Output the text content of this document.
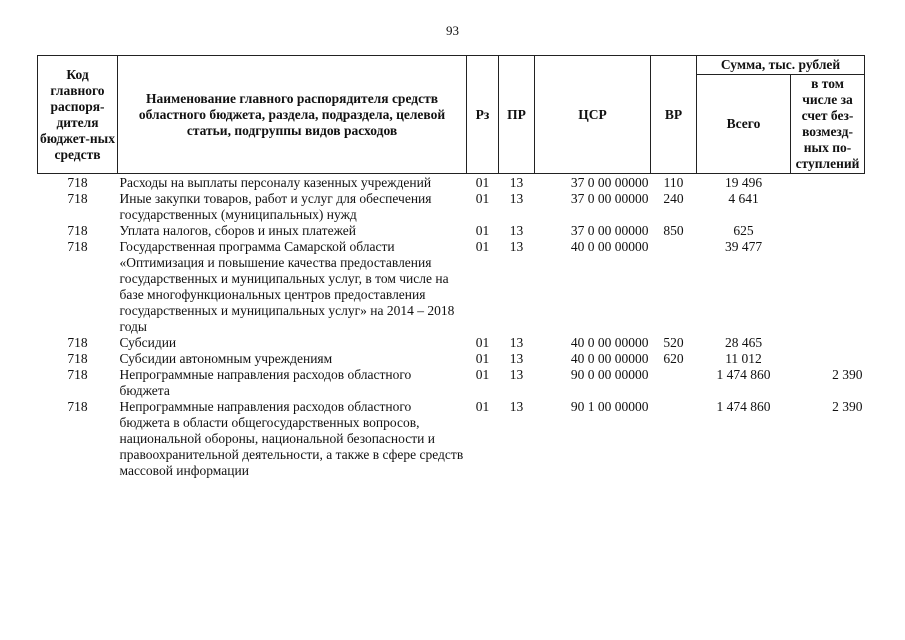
93
Код главного распоря-дителя бюджет-ных средств	Наименование главного распорядителя средств областного бюджета, раздела, подраздела, целевой статьи, подгруппы видов расходов	Рз	ПР	ЦСР	ВР	Сумма, тыс. рублей	
						Всего	в том числе за счет без-возмезд-ных по-ступлений
718	Расходы на выплаты персоналу казенных учреждений	01	13	37 0 00 00000	110	19 496	
718	Иные закупки товаров, работ и услуг для обеспечения государственных (муниципальных) нужд	01	13	37 0 00 00000	240	4 641	
718	Уплата налогов, сборов и иных платежей	01	13	37 0 00 00000	850	625	
718	Государственная программа Самарской области «Оптимизация и повышение качества предоставления государственных и муниципальных услуг, в том числе на базе многофункциональных центров предоставления государственных и муниципальных услуг» на 2014 – 2018 годы	01	13	40 0 00 00000		39 477	
718	Субсидии	01	13	40 0 00 00000	520	28 465	
718	Субсидии автономным учреждениям	01	13	40 0 00 00000	620	11 012	
718	Непрограммные направления расходов областного бюджета	01	13	90 0 00 00000		1 474 860	2 390
718	Непрограммные направления расходов областного бюджета в области общегосударственных вопросов, национальной обороны, национальной безопасности и правоохранительной деятельности, а также в сфере средств массовой информации	01	13	90 1 00 00000		1 474 860	2 390
